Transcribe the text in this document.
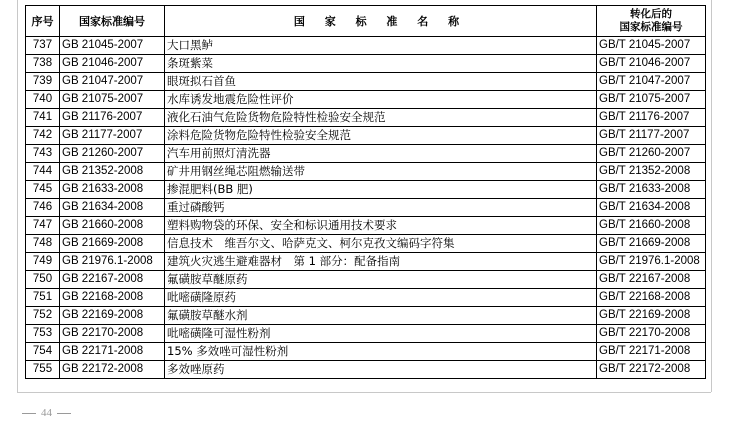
序号	国家标准编号	国 家 标 准 名 称	转化后的
国家标准编号
737	GB 21045-2007	大口黑鲈	GB/T 21045-2007
738	GB 21046-2007	条斑紫菜	GB/T 21046-2007
739	GB 21047-2007	眼斑拟石首鱼	GB/T 21047-2007
740	GB 21075-2007	水库诱发地震危险性评价	GB/T 21075-2007
741	GB 21176-2007	液化石油气危险货物危险特性检验安全规范	GB/T 21176-2007
742	GB 21177-2007	涂料危险货物危险特性检验安全规范	GB/T 21177-2007
743	GB 21260-2007	汽车用前照灯清洗器	GB/T 21260-2007
744	GB 21352-2008	矿井用钢丝绳芯阻燃输送带	GB/T 21352-2008
745	GB 21633-2008	掺混肥料(BB 肥)	GB/T 21633-2008
746	GB 21634-2008	重过磷酸钙	GB/T 21634-2008
747	GB 21660-2008	塑料购物袋的环保、安全和标识通用技术要求	GB/T 21660-2008
748	GB 21669-2008	信息技术　维吾尔文、哈萨克文、柯尔克孜文编码字符集	GB/T 21669-2008
749	GB 21976.1-2008	建筑火灾逃生避难器材　第 1 部分：配备指南	GB/T 21976.1-2008
750	GB 22167-2008	氟磺胺草醚原药	GB/T 22167-2008
751	GB 22168-2008	吡嘧磺隆原药	GB/T 22168-2008
752	GB 22169-2008	氟磺胺草醚水剂	GB/T 22169-2008
753	GB 22170-2008	吡嘧磺隆可湿性粉剂	GB/T 22170-2008
754	GB 22171-2008	15% 多效唑可湿性粉剂	GB/T 22171-2008
755	GB 22172-2008	多效唑原药	GB/T 22172-2008
44
